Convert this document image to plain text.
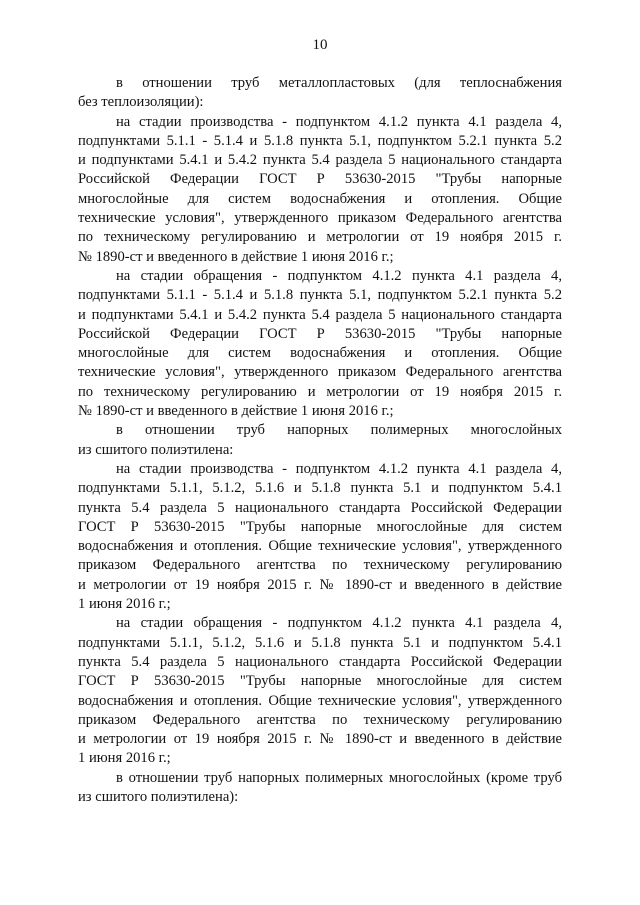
10
в отношении труб металлопластовых (для теплоснабжения
без теплоизоляции):
на стадии производства - подпунктом 4.1.2 пункта 4.1 раздела 4,
подпунктами 5.1.1 - 5.1.4 и 5.1.8 пункта 5.1, подпунктом 5.2.1 пункта 5.2
и подпунктами 5.4.1 и 5.4.2 пункта 5.4 раздела 5 национального стандарта
Российской Федерации ГОСТ Р 53630-2015 "Трубы напорные
многослойные для систем водоснабжения и отопления. Общие
технические условия", утвержденного приказом Федерального агентства
по техническому регулированию и метрологии от 19 ноября 2015 г.
№ 1890-ст и введенного в действие 1 июня 2016 г.;
на стадии обращения - подпунктом 4.1.2 пункта 4.1 раздела 4,
подпунктами 5.1.1 - 5.1.4 и 5.1.8 пункта 5.1, подпунктом 5.2.1 пункта 5.2
и подпунктами 5.4.1 и 5.4.2 пункта 5.4 раздела 5 национального стандарта
Российской Федерации ГОСТ Р 53630-2015 "Трубы напорные
многослойные для систем водоснабжения и отопления. Общие
технические условия", утвержденного приказом Федерального агентства
по техническому регулированию и метрологии от 19 ноября 2015 г.
№ 1890-ст и введенного в действие 1 июня 2016 г.;
в отношении труб напорных полимерных многослойных
из сшитого полиэтилена:
на стадии производства - подпунктом 4.1.2 пункта 4.1 раздела 4,
подпунктами 5.1.1, 5.1.2, 5.1.6 и 5.1.8 пункта 5.1 и подпунктом 5.4.1
пункта 5.4 раздела 5 национального стандарта Российской Федерации
ГОСТ Р 53630-2015 "Трубы напорные многослойные для систем
водоснабжения и отопления. Общие технические условия", утвержденного
приказом Федерального агентства по техническому регулированию
и метрологии от 19 ноября 2015 г. № 1890-ст и введенного в действие
1 июня 2016 г.;
на стадии обращения - подпунктом 4.1.2 пункта 4.1 раздела 4,
подпунктами 5.1.1, 5.1.2, 5.1.6 и 5.1.8 пункта 5.1 и подпунктом 5.4.1
пункта 5.4 раздела 5 национального стандарта Российской Федерации
ГОСТ Р 53630-2015 "Трубы напорные многослойные для систем
водоснабжения и отопления. Общие технические условия", утвержденного
приказом Федерального агентства по техническому регулированию
и метрологии от 19 ноября 2015 г. № 1890-ст и введенного в действие
1 июня 2016 г.;
в отношении труб напорных полимерных многослойных (кроме труб
из сшитого полиэтилена):
